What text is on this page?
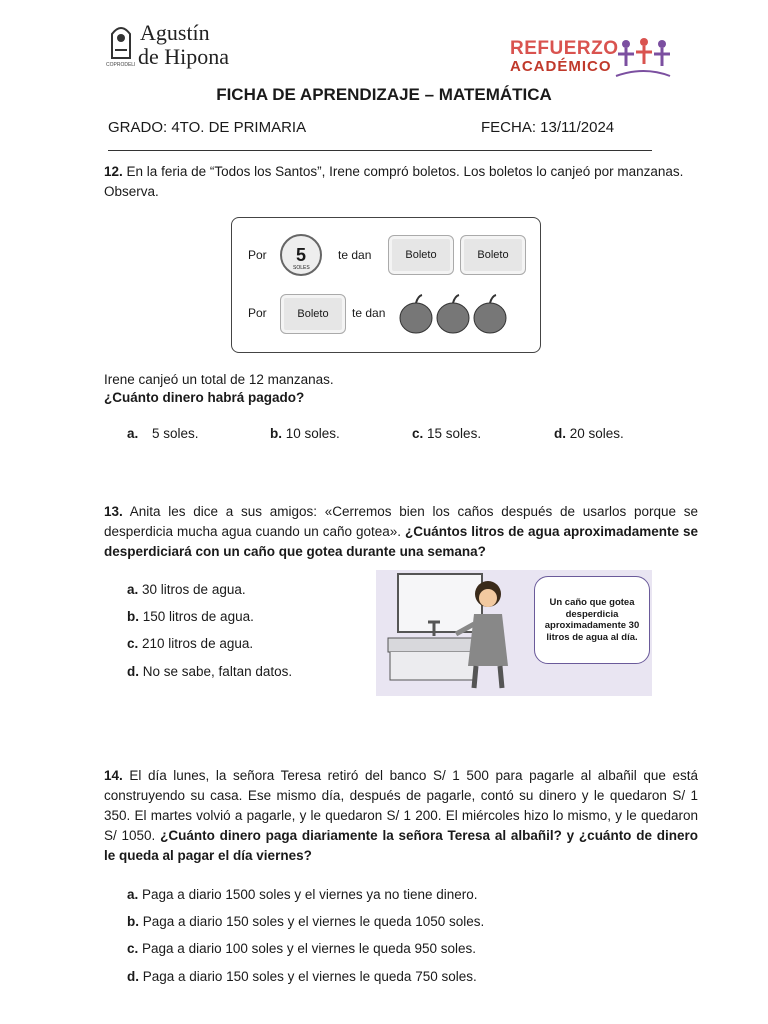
Agustín
de Hipona
COPRODELI
REFUERZO
ACADÉMICO
FICHA DE APRENDIZAJE – MATEMÁTICA
GRADO: 4TO. DE PRIMARIA	FECHA: 13/11/2024
12. En la feria de “Todos los Santos”, Irene compró boletos. Los boletos lo canjeó por manzanas. Observa.
Por 5
SOLES
te dan	Boleto	Boleto
Por	Boleto te dan
Irene canjeó un total de 12 manzanas.
¿Cuánto dinero habrá pagado?
a. 5 soles.	b. 10 soles.	c. 15 soles.	d. 20 soles.
13. Anita les dice a sus amigos: «Cerremos bien los caños después de usarlos porque se desperdicia mucha agua cuando un caño gotea». ¿Cuántos litros de agua aproximadamente se desperdiciará con un caño que gotea durante una semana?
a. 30 litros de agua.
b. 150 litros de agua.
c. 210 litros de agua.
d. No se sabe, faltan datos.
Un caño que gotea desperdicia aproximadamente 30 litros de agua al día.
14. El día lunes, la señora Teresa retiró del banco S/ 1 500 para pagarle al albañil que está construyendo su casa. Ese mismo día, después de pagarle, contó su dinero y le quedaron S/ 1 350. El martes volvió a pagarle, y le quedaron S/ 1 200. El miércoles hizo lo mismo, y le quedaron S/ 1050. ¿Cuánto dinero paga diariamente la señora Teresa al albañil? y ¿cuánto de dinero le queda al pagar el día viernes?
a. Paga a diario 1500 soles y el viernes ya no tiene dinero.
b. Paga a diario 150 soles y el viernes le queda 1050 soles.
c. Paga a diario 100 soles y el viernes le queda 950 soles.
d. Paga a diario 150 soles y el viernes le queda 750 soles.
